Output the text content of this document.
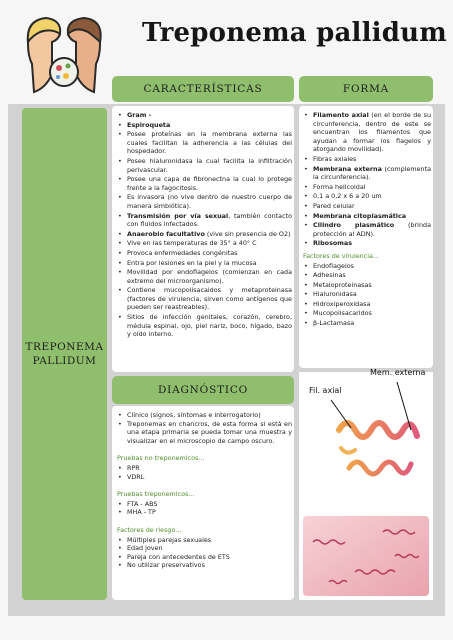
Treponema pallidum
TREPONEMA
PALLIDUM
CARACTERÍSTICAS	FORMA
DIAGNÓSTICO
• Gram -
• Espiroqueta
• Posee proteínas en la membrana externa las cuales facilitan la adherencia a las células del hospedador.
• Posee hialuronidasa la cual facilita la infiltración perivascular.
• Posee una capa de fibronectna la cual lo protege frente a la fagocitosis.
• Es invasora (no vive dentro de nuestro cuerpo de manera simbiótica).
• Transmisión por vía sexual, también contacto con fluidos infectados.
• Anaerobio facultativo (vive sin presencia de O2)
• Vive en las temperaturas de 35° a 40° C
• Provoca enfermedades congénitas
• Entra por lesiones en la piel y la mucosa
• Movilidad por endoflagelos (comienzan en cada extremo del microorganismo).
• Contiene mucopolisacaidos y metaproteinasa (factores de virulencia, sirven como antígenos que pueden ser reastreables).
• Sitios de infección genitales, corazón, cerebro, médula espinal, ojo, piel nariz, boco, hígado, bazo y oído interno.
• Filamento axial (en el borde de su circunferencia, dentro de este se encuentran los filamentos que ayudan a formar los flagelos y atorgando movilidad).
• Fibras axiales
• Membrana externa (complementa la circunferencia).
• Forma helicoidal
• 0,1 a 0,2 x 6 a 20 um
• Pared celular
• Membrana citoplasmática
• Cilindro plasmático (brinda protección al ADN).
• Ribosomas
Factores de virulencia...
• Endoflagelos
• Adhesinas
• Metaloproteinasas
• Hialuronidasa
• Hidroxiperoxidasa
• Mucopolisacaridos
• β-Lactamasa
• Clínico (signos, síntomas e interrogatorio)
• Treponemas en chancros, de esta forma si está en una etapa primaria se pueda tomar una muestra y visualizar en el microscopio de campo oscuro.
Pruebas no treponemicos...
• RPR
• VDRL
Pruebas treponemicos...
• FTA - ABS
• MHA - TP
Factores de riesgo...
• Múltiples parejas sexuales
• Edad joven
• Pareja con antecedentes de ETS
• No utilizar preservativos
Fil. axial
Mem. externa
